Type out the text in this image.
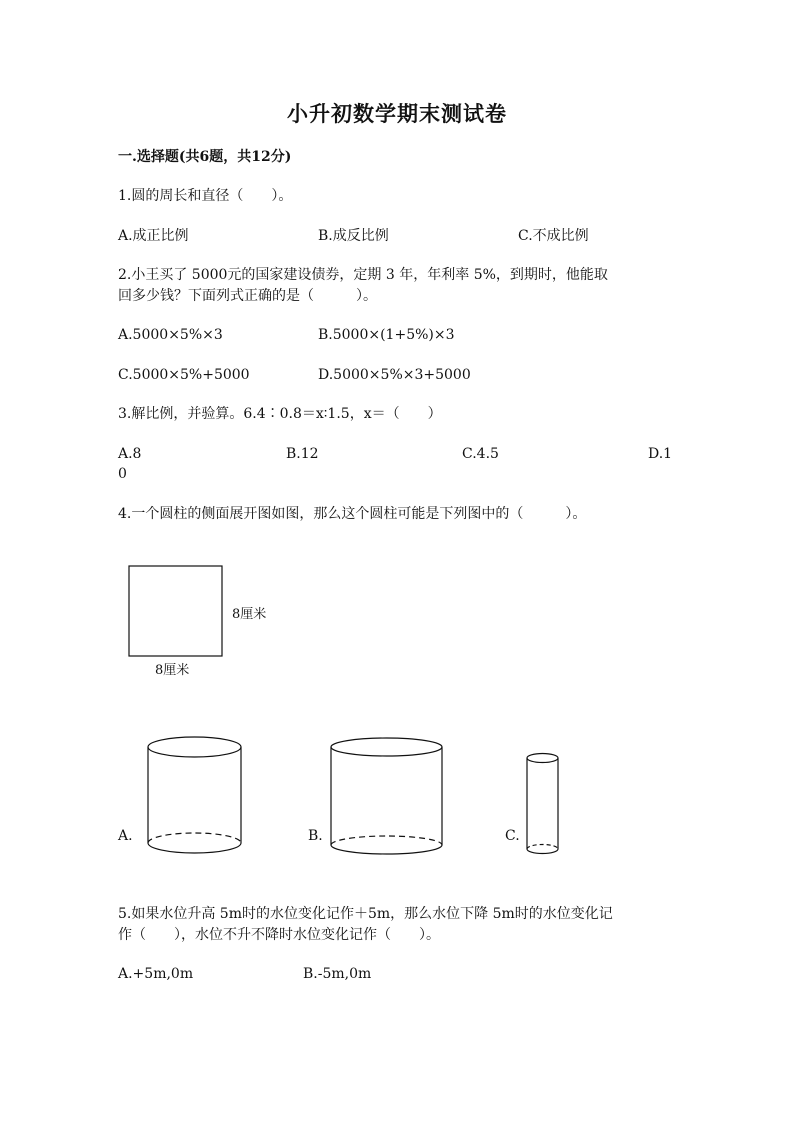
小升初数学期末测试卷
一.选择题(共6题，共12分)
1.圆的周长和直径（　　）。
A.成正比例	B.成反比例	C.不成比例
2.小王买了 5000元的国家建设债券，定期 3 年，年利率 5%，到期时，他能取
回多少钱？下面列式正确的是（　　　）。
A.5000×5%×3	B.5000×(1+5%)×3
C.5000×5%+5000	D.5000×5%×3+5000
3.解比例，并验算。6.4∶0.8＝x∶1.5，x＝（　　）
A.8	B.12	C.4.5	D.1
0
4.一个圆柱的侧面展开图如图，那么这个圆柱可能是下列图中的（　　　）。
8厘米
8厘米
A.	B.	C.
5.如果水位升高 5m时的水位变化记作＋5m，那么水位下降 5m时的水位变化记
作（　　），水位不升不降时水位变化记作（　　）。
A.+5m,0m	B.-5m,0m
